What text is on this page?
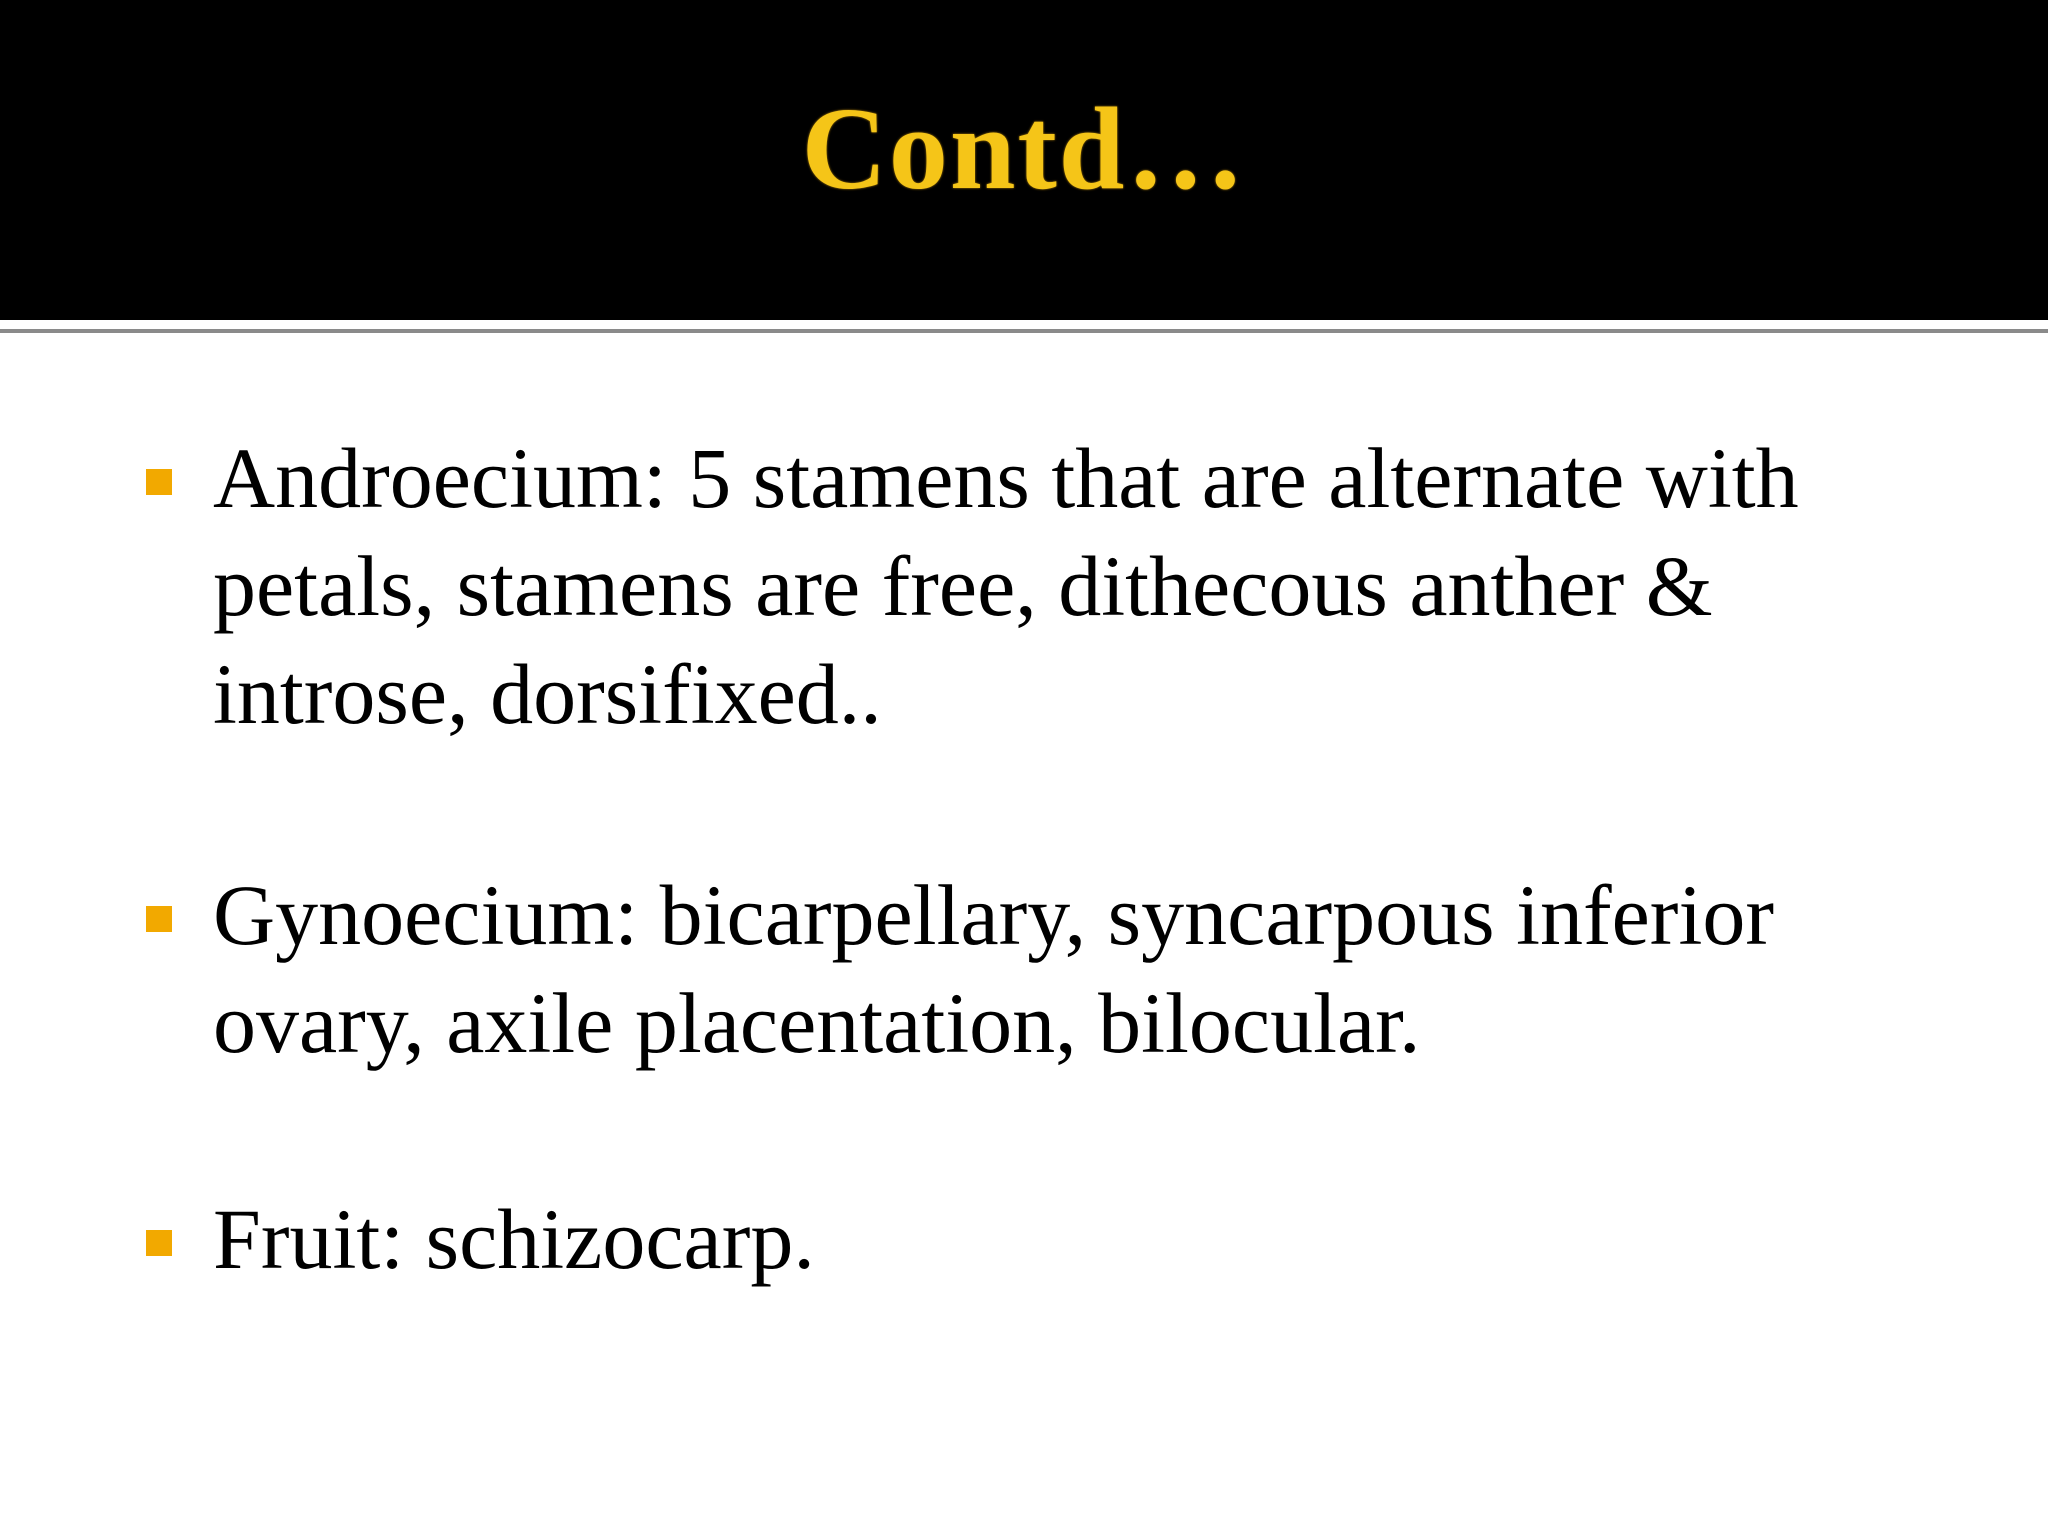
Contd…
Androecium: 5 stamens that are alternate with petals, stamens are free, dithecous anther & introse, dorsifixed..
Gynoecium: bicarpellary, syncarpous inferior ovary, axile placentation, bilocular.
Fruit: schizocarp.
